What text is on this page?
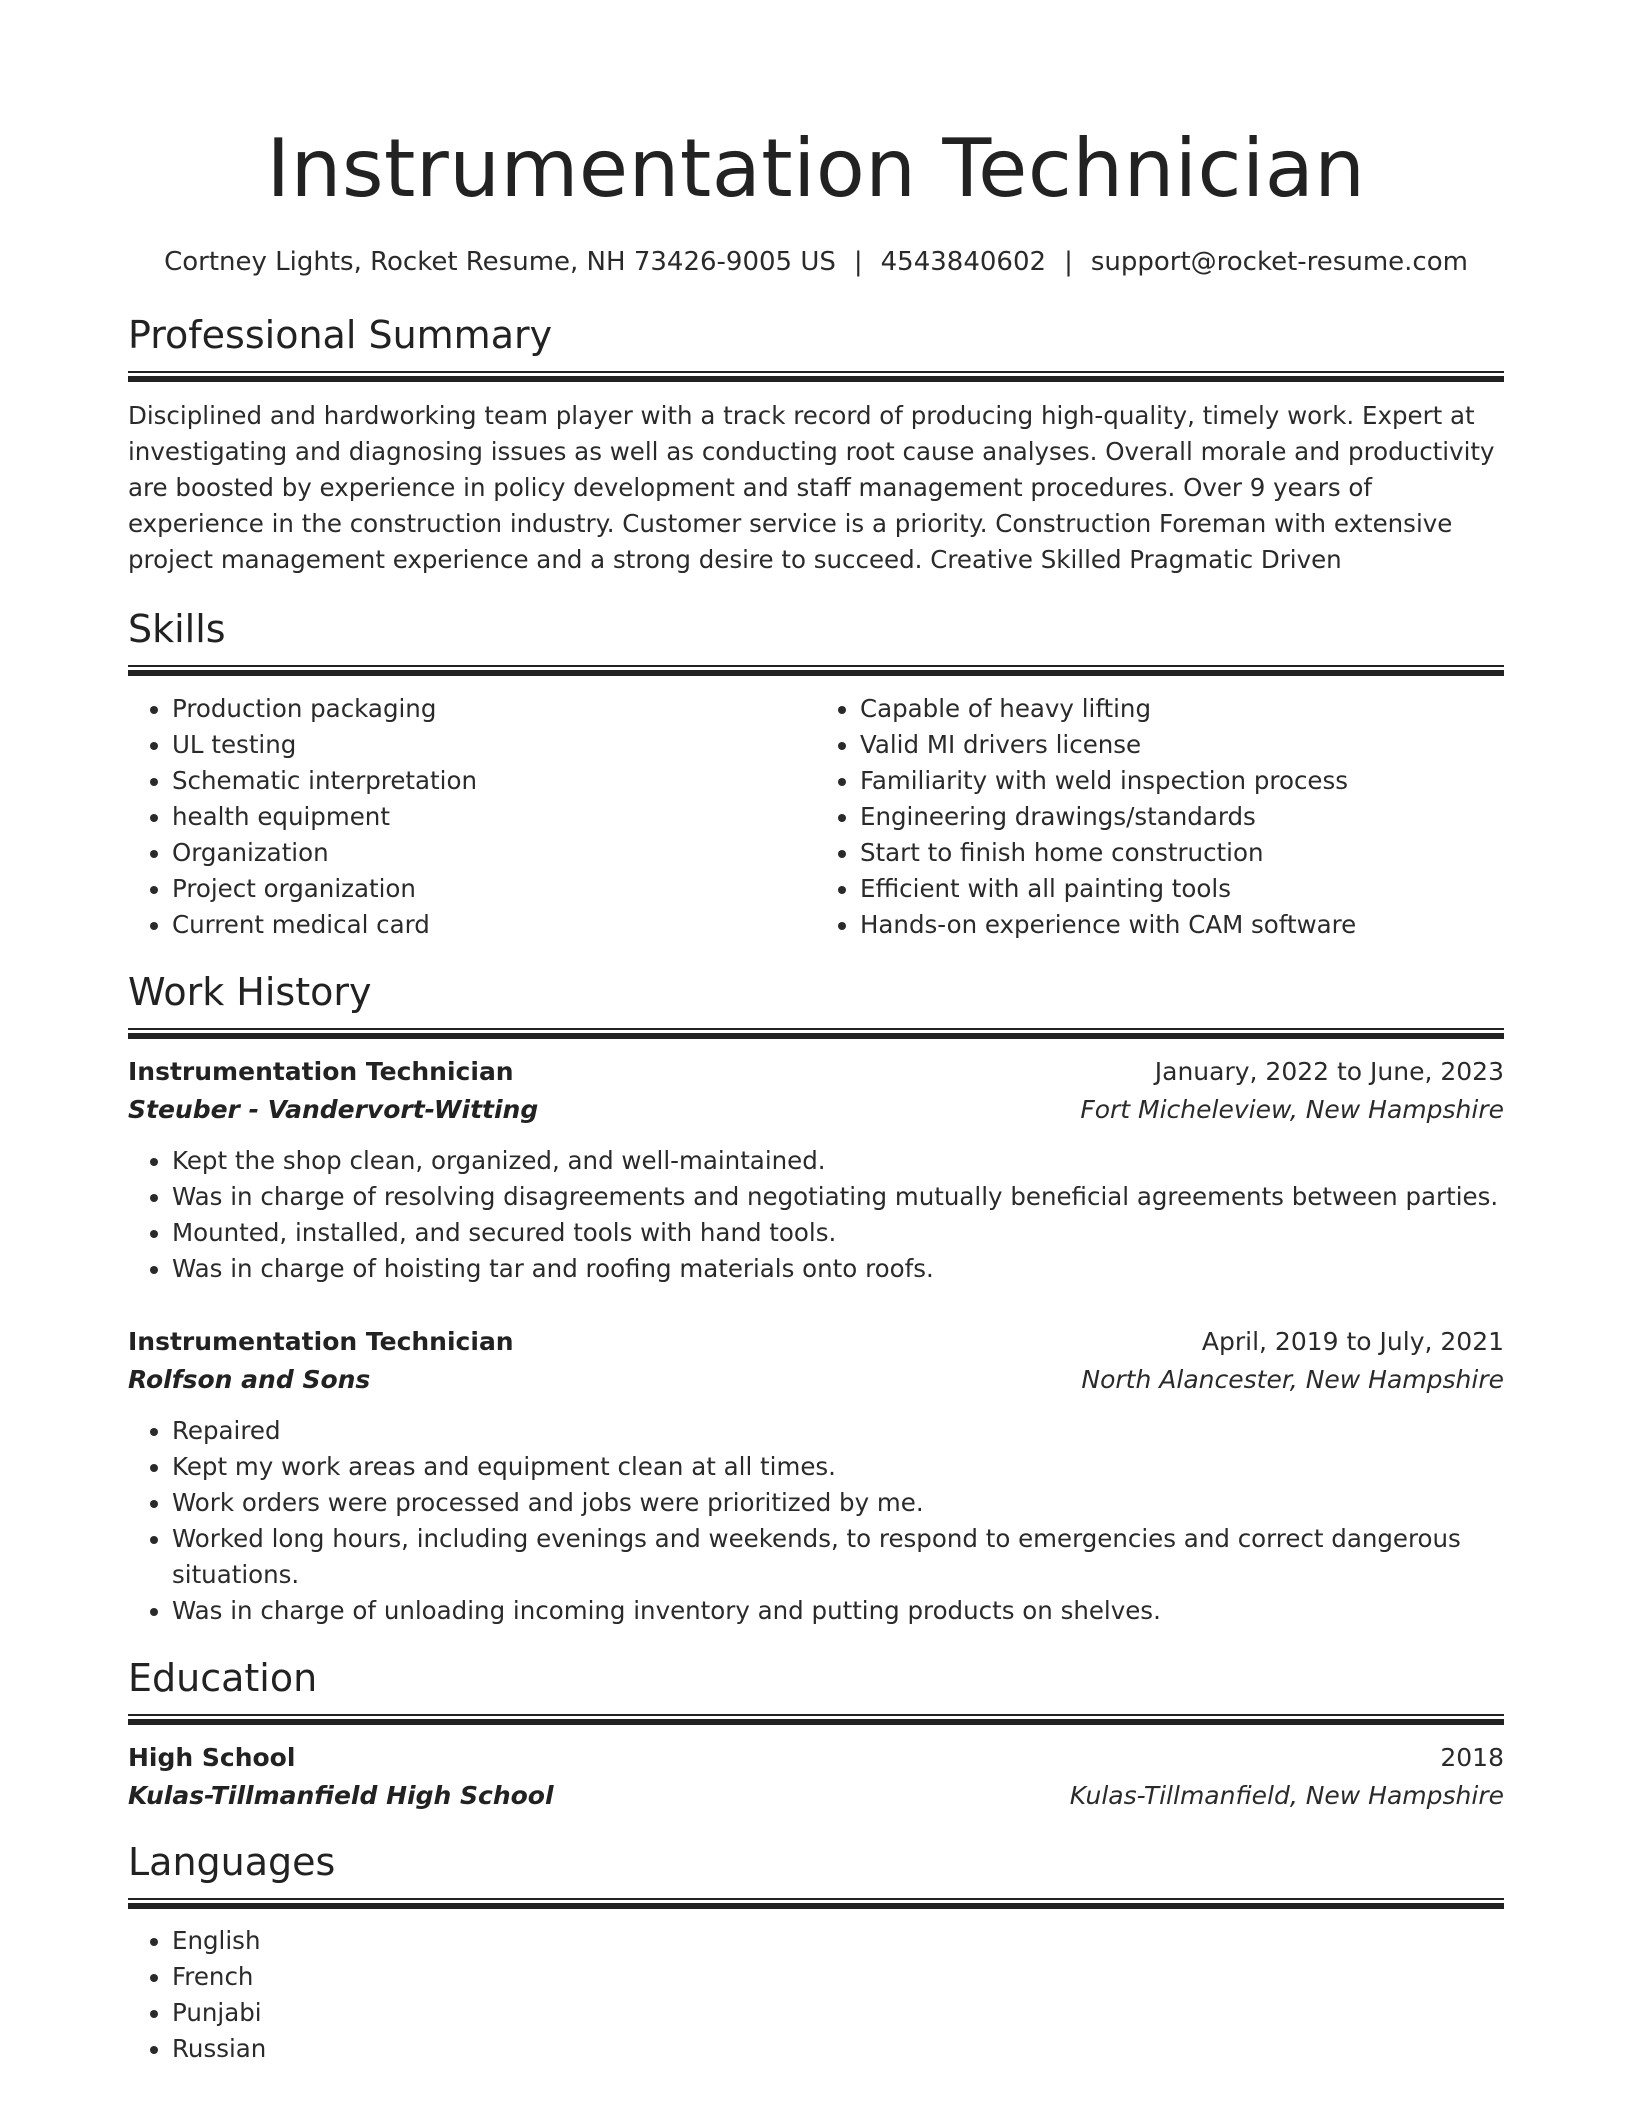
Instrumentation Technician
Cortney Lights, Rocket Resume, NH 73426-9005 US | 4543840602 | support@rocket-resume.com
Professional Summary
Disciplined and hardworking team player with a track record of producing high-quality, timely work. Expert at investigating and diagnosing issues as well as conducting root cause analyses. Overall morale and productivity are boosted by experience in policy development and staff management procedures. Over 9 years of experience in the construction industry. Customer service is a priority. Construction Foreman with extensive project management experience and a strong desire to succeed. Creative Skilled Pragmatic Driven
Skills
• Production packaging
• UL testing
• Schematic interpretation
• health equipment
• Organization
• Project organization
• Current medical card
• Capable of heavy lifting
• Valid MI drivers license
• Familiarity with weld inspection process
• Engineering drawings/standards
• Start to finish home construction
• Efficient with all painting tools
• Hands-on experience with CAM software
Work History
Instrumentation Technician	January, 2022 to June, 2023
Steuber - Vandervort-Witting	Fort Micheleview, New Hampshire
• Kept the shop clean, organized, and well-maintained.
• Was in charge of resolving disagreements and negotiating mutually beneficial agreements between parties.
• Mounted, installed, and secured tools with hand tools.
• Was in charge of hoisting tar and roofing materials onto roofs.
Instrumentation Technician	April, 2019 to July, 2021
Rolfson and Sons	North Alancester, New Hampshire
• Repaired
• Kept my work areas and equipment clean at all times.
• Work orders were processed and jobs were prioritized by me.
• Worked long hours, including evenings and weekends, to respond to emergencies and correct dangerous situations.
• Was in charge of unloading incoming inventory and putting products on shelves.
Education
High School	2018
Kulas-Tillmanfield High School	Kulas-Tillmanfield, New Hampshire
Languages
• English
• French
• Punjabi
• Russian
